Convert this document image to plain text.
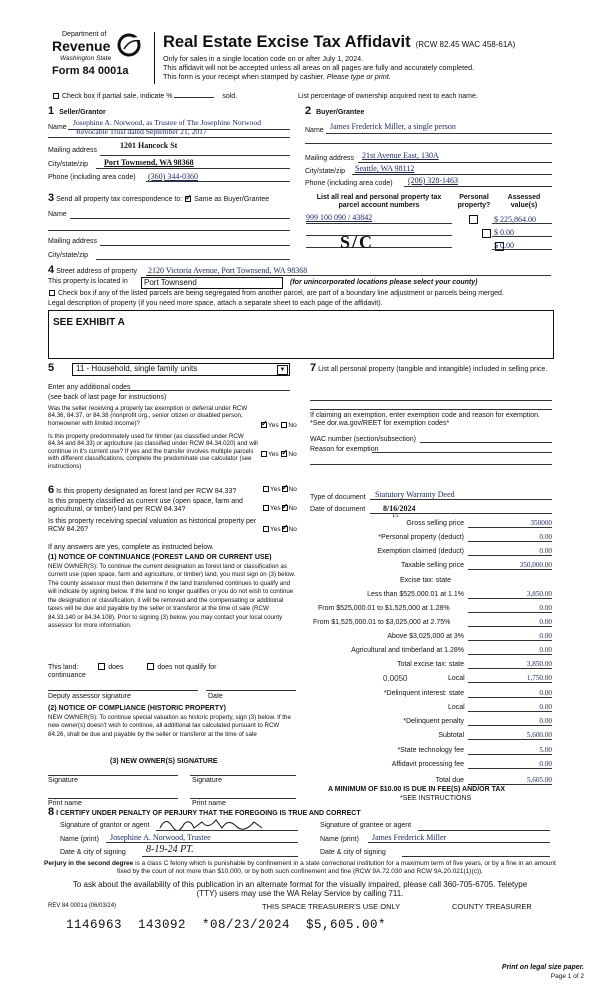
Department of
Revenue
Washington State
Form 84 0001a
Real Estate Excise Tax Affidavit (RCW 82.45 WAC 458-61A)
Only for sales in a single location code on or after July 1, 2024.
This affidavit will not be accepted unless all areas on all pages are fully and accurately completed.
This form is your receipt when stamped by cashier. Please type or print.
Check box if partial sale, indicate %	sold.	List percentage of ownership acquired next to each name.
1 Seller/Grantor
Name
Josephine A. Norwood, as Trustee of The Josephine Norwood
Revocable Trust dated September 21, 2017
1201 Hancock St
Mailing address
City/state/zip Port Townsend, WA 98368
Phone (including area code) (360) 344-0360
2 Buyer/Grantee
Name James Frederick Miller, a single person
Mailing address 21st Avenue East, 130A
City/state/zip Seattle, WA 98112
Phone (including area code) (206) 328-1463
3 Send all property tax correspondence to: ✓ Same as Buyer/Grantee
Name
Mailing address
City/state/zip
List all real and personal property tax parcel account numbers
Personal property?
Assessed value(s)
999 100 090 / 43842
	$ 225,864.00
$ 0.00
$ 0.00
S/C
4 Street address of property 2120 Victoria Avenue, Port Townsend, WA 98368
This property is located in	Port Townsend	(for unincorporated locations please select your county)
Check box if any of the listed parcels are being segregated from another parcel, are part of a boundary line adjustment or parcels being merged.
Legal description of property (if you need more space, attach a separate sheet to each page of the affidavit).
SEE EXHIBIT A
5	11 - Household, single family units	▼
Enter any additional codes
(see back of last page for instructions)
Was the seller receiving a property tax exemption or deferral under RCW 84.36, 84.37, or 84.38 (nonprofit org., senior citizen or disabled person, homeowner with limited income)? ✓	Yes No
Is this property predominately used for timber (as classified under RCW 84.34 and 84.33) or agriculture (as classified under RCW 84.34.020) and will continue in it's current use? If yes and the transfer involves multiple parcels with different classifications, complete the predominate use calculator (see instructions)
Yes ✓ No
6 Is this property designated as forest land per RCW 84.33?	Yes ✓ No
Is this property classified as current use (open space, farm and agricultural, or timber) land per RCW 84.34?	Yes ✓ No
Is this property receiving special valuation as historical property per RCW 84.26?	Yes ✓ No
If any answers are yes, complete as instructed below.
(1) NOTICE OF CONTINUANCE (FOREST LAND OR CURRENT USE)
NEW OWNER(S): To continue the current designation as forest land or classification as current use (open space, farm and agriculture, or timber) land, you must sign on (3) below. The county assessor must then determine if the land transferred continues to qualify and will indicate by signing below. If the land no longer qualifies or you do not wish to continue the designation or classification, it will be removed and the compensating or additional taxes will be due and payable by the seller or transferor at the time of sale (RCW 84.33.140 or 84.34.108). Prior to signing (3) below, you may contact your local county assessor for more information.
This land:	does	does not qualify for
continuance
Deputy assessor signature	Date
(2) NOTICE OF COMPLIANCE (HISTORIC PROPERTY)
NEW OWNER(S): To continue special valuation as historic property, sign (3) below. If the new owner(s) doesn't wish to continue, all additional tax calculated pursuant to RCW 84.26, shall be due and payable by the seller or transferor at the time of sale
(3) NEW OWNER(S) SIGNATURE
Signature	Signature
Print name	Print name
7 List all personal property (tangible and intangible) included in selling price.
If claiming an exemption, enter exemption code and reason for exemption. *See dor.wa.gov/REET for exemption codes*
WAC number (section/subsection)
Reason for exemption
Type of document Statutory Warranty Deed
Date of document 8/16/2024
15
Gross selling price	350000
*Personal property (deduct)	0.00
Exemption claimed (deduct)	0.00
Taxable selling price	350,000.00
Excise tax: state
Less than $525,000.01 at 1.1%	3,850.00
From $525,000.01 to $1,525,000 at 1.28%	0.00
From $1,525,000.01 to $3,025,000 at 2.75%	0.00
Above $3,025,000 at 3%	0.00
Agricultural and timberland at 1.28%	0.00
Total excise tax: state	3,850.00
0.0050	Local	1,750.00
*Delinquent interest: state	0.00
Local	0.00
*Delinquent penalty	0.00
Subtotal	5,600.00
*State technology fee	5.00
Affidavit processing fee	0.00
Total due	5,605.00
A MINIMUM OF $10.00 IS DUE IN FEE(S) AND/OR TAX
*SEE INSTRUCTIONS
8 I CERTIFY UNDER PENALTY OF PERJURY THAT THE FOREGOING IS TRUE AND CORRECT
Signature of grantor or agent	Signature of grantee or agent
Name (print) Josephine A. Norwood, Trustee	Name (print) James Frederick Miller
Date & city of signing 8-19-24 PT.	Date & city of signing
Perjury in the second degree is a class C felony which is punishable by confinement in a state correctional institution for a maximum term of five years, or by a fine in an amount fixed by the court of not more than $10,000, or by both such confinement and fine (RCW 9A.72.030 and RCW 9A.20.021(1)(c)).
To ask about the availability of this publication in an alternate format for the visually impaired, please call 360-705-6705. Teletype
(TTY) users may use the WA Relay Service by calling 711.
REV 84 0001a (06/03/24)	THIS SPACE TREASURER'S USE ONLY	COUNTY TREASURER
1146963  143092  *08/23/2024  $5,605.00*
Print on legal size paper.
Page 1 of 2
